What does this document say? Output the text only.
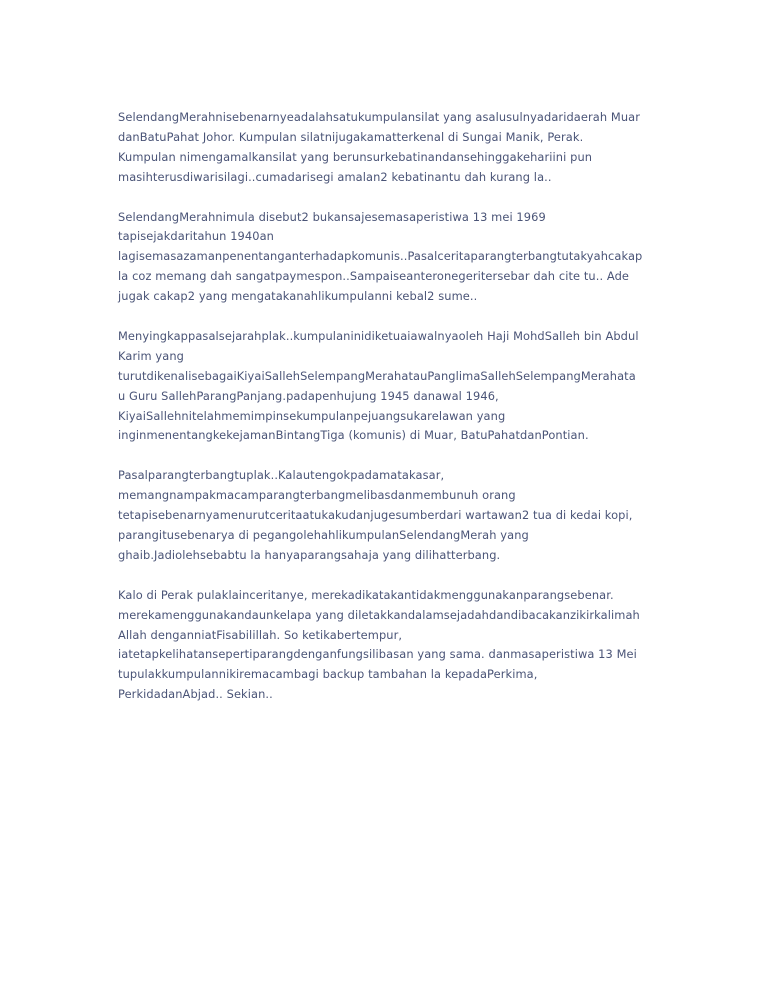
SelendangMerahnisebenarnyeadalahsatukumpulansilat yang asalusulnyadaridaerah Muar
danBatuPahat Johor. Kumpulan silatnijugakamatterkenal di Sungai Manik, Perak.
Kumpulan nimengamalkansilat yang berunsurkebatinandansehinggakehariini pun
masihterusdiwarisilagi..cumadarisegi amalan2 kebatinantu dah kurang la..

SelendangMerahnimula disebut2 bukansajesemasaperistiwa 13 mei 1969
tapisejakdaritahun 1940an
lagisemasazamanpenentanganterhadapkomunis..Pasalceritaparangterbangtutakyahcakap
la coz memang dah sangatpaymespon..Sampaiseanteronegeritersebar dah cite tu.. Ade
jugak cakap2 yang mengatakanahlikumpulanni kebal2 sume..

Menyingkappasalsejarahplak..kumpulaninidiketuaiawalnyaoleh Haji MohdSalleh bin Abdul
Karim yang
turutdikenalisebagaiKiyaiSallehSelempangMerahatauPanglimaSallehSelempangMerahata
u Guru SallehParangPanjang.padapenhujung 1945 danawal 1946,
KiyaiSallehnitelahmemimpinsekumpulanpejuangsukarelawan yang
inginmenentangkekejamanBintangTiga (komunis) di Muar, BatuPahatdanPontian.

Pasalparangterbangtuplak..Kalautengokpadamatakasar,
memangnampakmacamparangterbangmelibasdanmembunuh orang
tetapisebenarnyamenurutceritaatukakudanjugesumberdari wartawan2 tua di kedai kopi,
parangitusebenarya di pegangolehahlikumpulanSelendangMerah yang
ghaib.Jadiolehsebabtu la hanyaparangsahaja yang dilihatterbang.

Kalo di Perak pulaklainceritanye, merekadikatakantidakmenggunakanparangsebenar.
merekamenggunakandaunkelapa yang diletakkandalamsejadahdandibacakanzikirkalimah
Allah denganniatFisabilillah. So ketikabertempur,
iatetapkelihatansepertiparangdenganfungsilibasan yang sama. danmasaperistiwa 13 Mei
tupulakkumpulannikiremacambagi backup tambahan la kepadaPerkima,
PerkidadanAbjad.. Sekian..
